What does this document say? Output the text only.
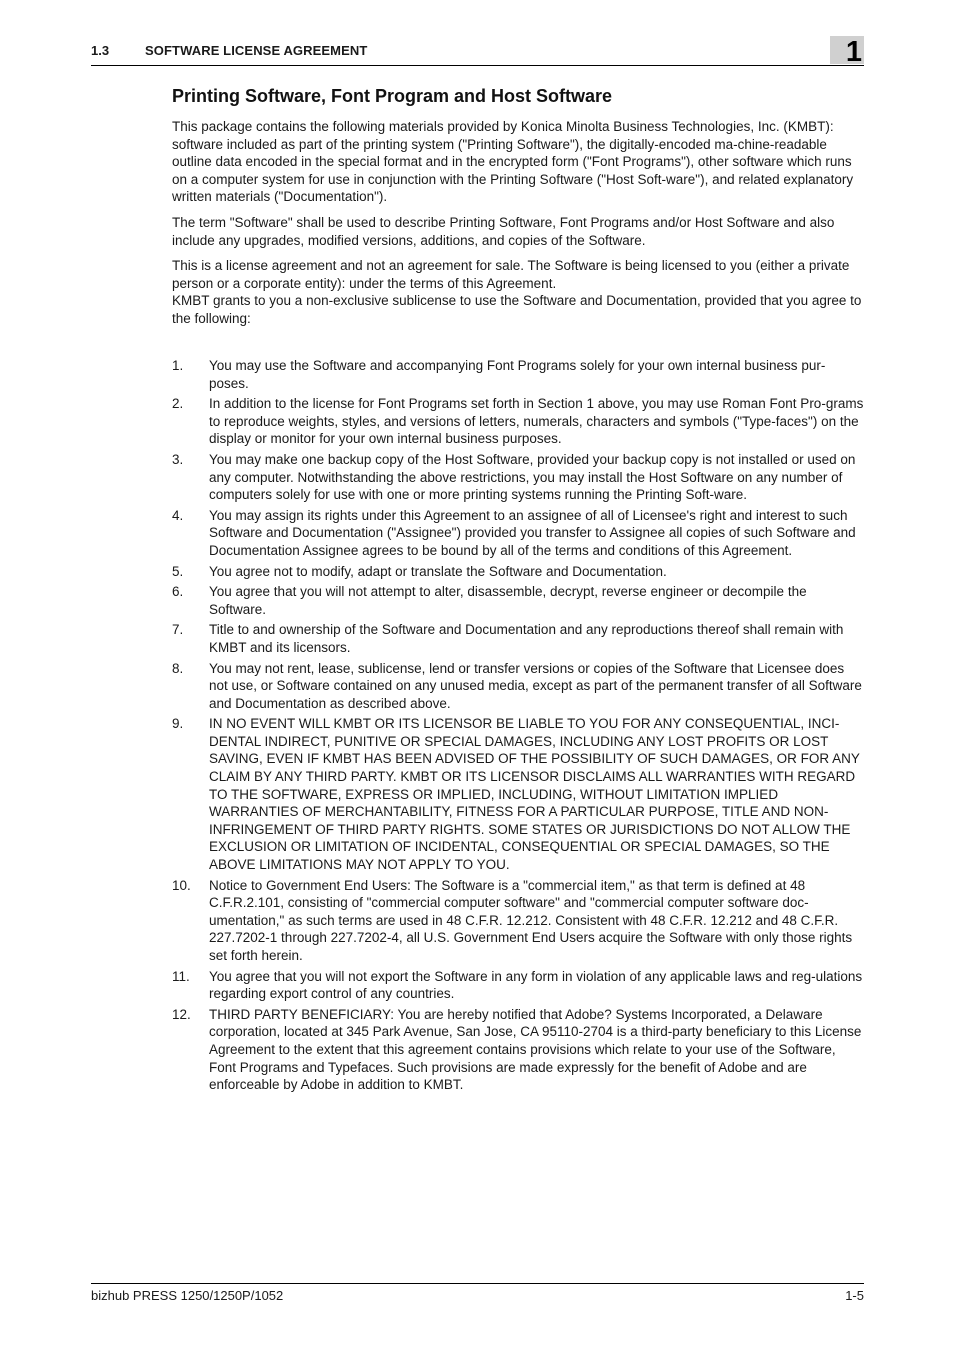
1.3	SOFTWARE LICENSE AGREEMENT	1
Printing Software, Font Program and Host Software

This package contains the following materials provided by Konica Minolta Business Technologies, Inc. (KMBT): software included as part of the printing system ("Printing Software"), the digitally-encoded ma-chine-readable outline data encoded in the special format and in the encrypted form ("Font Programs"), other software which runs on a computer system for use in conjunction with the Printing Software ("Host Soft-ware"), and related explanatory written materials ("Documentation").

The term "Software" shall be used to describe Printing Software, Font Programs and/or Host Software and also include any upgrades, modified versions, additions, and copies of the Software.

This is a license agreement and not an agreement for sale. The Software is being licensed to you (either a private person or a corporate entity): under the terms of this Agreement.
KMBT grants to you a non-exclusive sublicense to use the Software and Documentation, provided that you agree to the following:
1. You may use the Software and accompanying Font Programs solely for your own internal business pur-poses.
2. In addition to the license for Font Programs set forth in Section 1 above, you may use Roman Font Pro-grams to reproduce weights, styles, and versions of letters, numerals, characters and symbols ("Type-faces") on the display or monitor for your own internal business purposes.
3. You may make one backup copy of the Host Software, provided your backup copy is not installed or used on any computer. Notwithstanding the above restrictions, you may install the Host Software on any number of computers solely for use with one or more printing systems running the Printing Soft-ware.
4. You may assign its rights under this Agreement to an assignee of all of Licensee's right and interest to such Software and Documentation ("Assignee") provided you transfer to Assignee all copies of such Software and Documentation Assignee agrees to be bound by all of the terms and conditions of this Agreement.
5. You agree not to modify, adapt or translate the Software and Documentation.
6. You agree that you will not attempt to alter, disassemble, decrypt, reverse engineer or decompile the Software.
7. Title to and ownership of the Software and Documentation and any reproductions thereof shall remain with KMBT and its licensors.
8. You may not rent, lease, sublicense, lend or transfer versions or copies of the Software that Licensee does not use, or Software contained on any unused media, except as part of the permanent transfer of all Software and Documentation as described above.
9. IN NO EVENT WILL KMBT OR ITS LICENSOR BE LIABLE TO YOU FOR ANY CONSEQUENTIAL, INCI-DENTAL INDIRECT, PUNITIVE OR SPECIAL DAMAGES, INCLUDING ANY LOST PROFITS OR LOST SAVING, EVEN IF KMBT HAS BEEN ADVISED OF THE POSSIBILITY OF SUCH DAMAGES, OR FOR ANY CLAIM BY ANY THIRD PARTY. KMBT OR ITS LICENSOR DISCLAIMS ALL WARRANTIES WITH REGARD TO THE SOFTWARE, EXPRESS OR IMPLIED, INCLUDING, WITHOUT LIMITATION IMPLIED WARRANTIES OF MERCHANTABILITY, FITNESS FOR A PARTICULAR PURPOSE, TITLE AND NON-INFRINGEMENT OF THIRD PARTY RIGHTS. SOME STATES OR JURISDICTIONS DO NOT ALLOW THE EXCLUSION OR LIMITATION OF INCIDENTAL, CONSEQUENTIAL OR SPECIAL DAMAGES, SO THE ABOVE LIMITATIONS MAY NOT APPLY TO YOU.
10. Notice to Government End Users: The Software is a "commercial item," as that term is defined at 48 C.F.R.2.101, consisting of "commercial computer software" and "commercial computer software doc-umentation," as such terms are used in 48 C.F.R. 12.212. Consistent with 48 C.F.R. 12.212 and 48 C.F.R. 227.7202-1 through 227.7202-4, all U.S. Government End Users acquire the Software with only those rights set forth herein.
11. You agree that you will not export the Software in any form in violation of any applicable laws and reg-ulations regarding export control of any countries.
12. THIRD PARTY BENEFICIARY: You are hereby notified that Adobe? Systems Incorporated, a Delaware corporation, located at 345 Park Avenue, San Jose, CA 95110-2704 is a third-party beneficiary to this License Agreement to the extent that this agreement contains provisions which relate to your use of the Software, Font Programs and Typefaces. Such provisions are made expressly for the benefit of Adobe and are enforceable by Adobe in addition to KMBT.
bizhub PRESS 1250/1250P/1052	1-5
